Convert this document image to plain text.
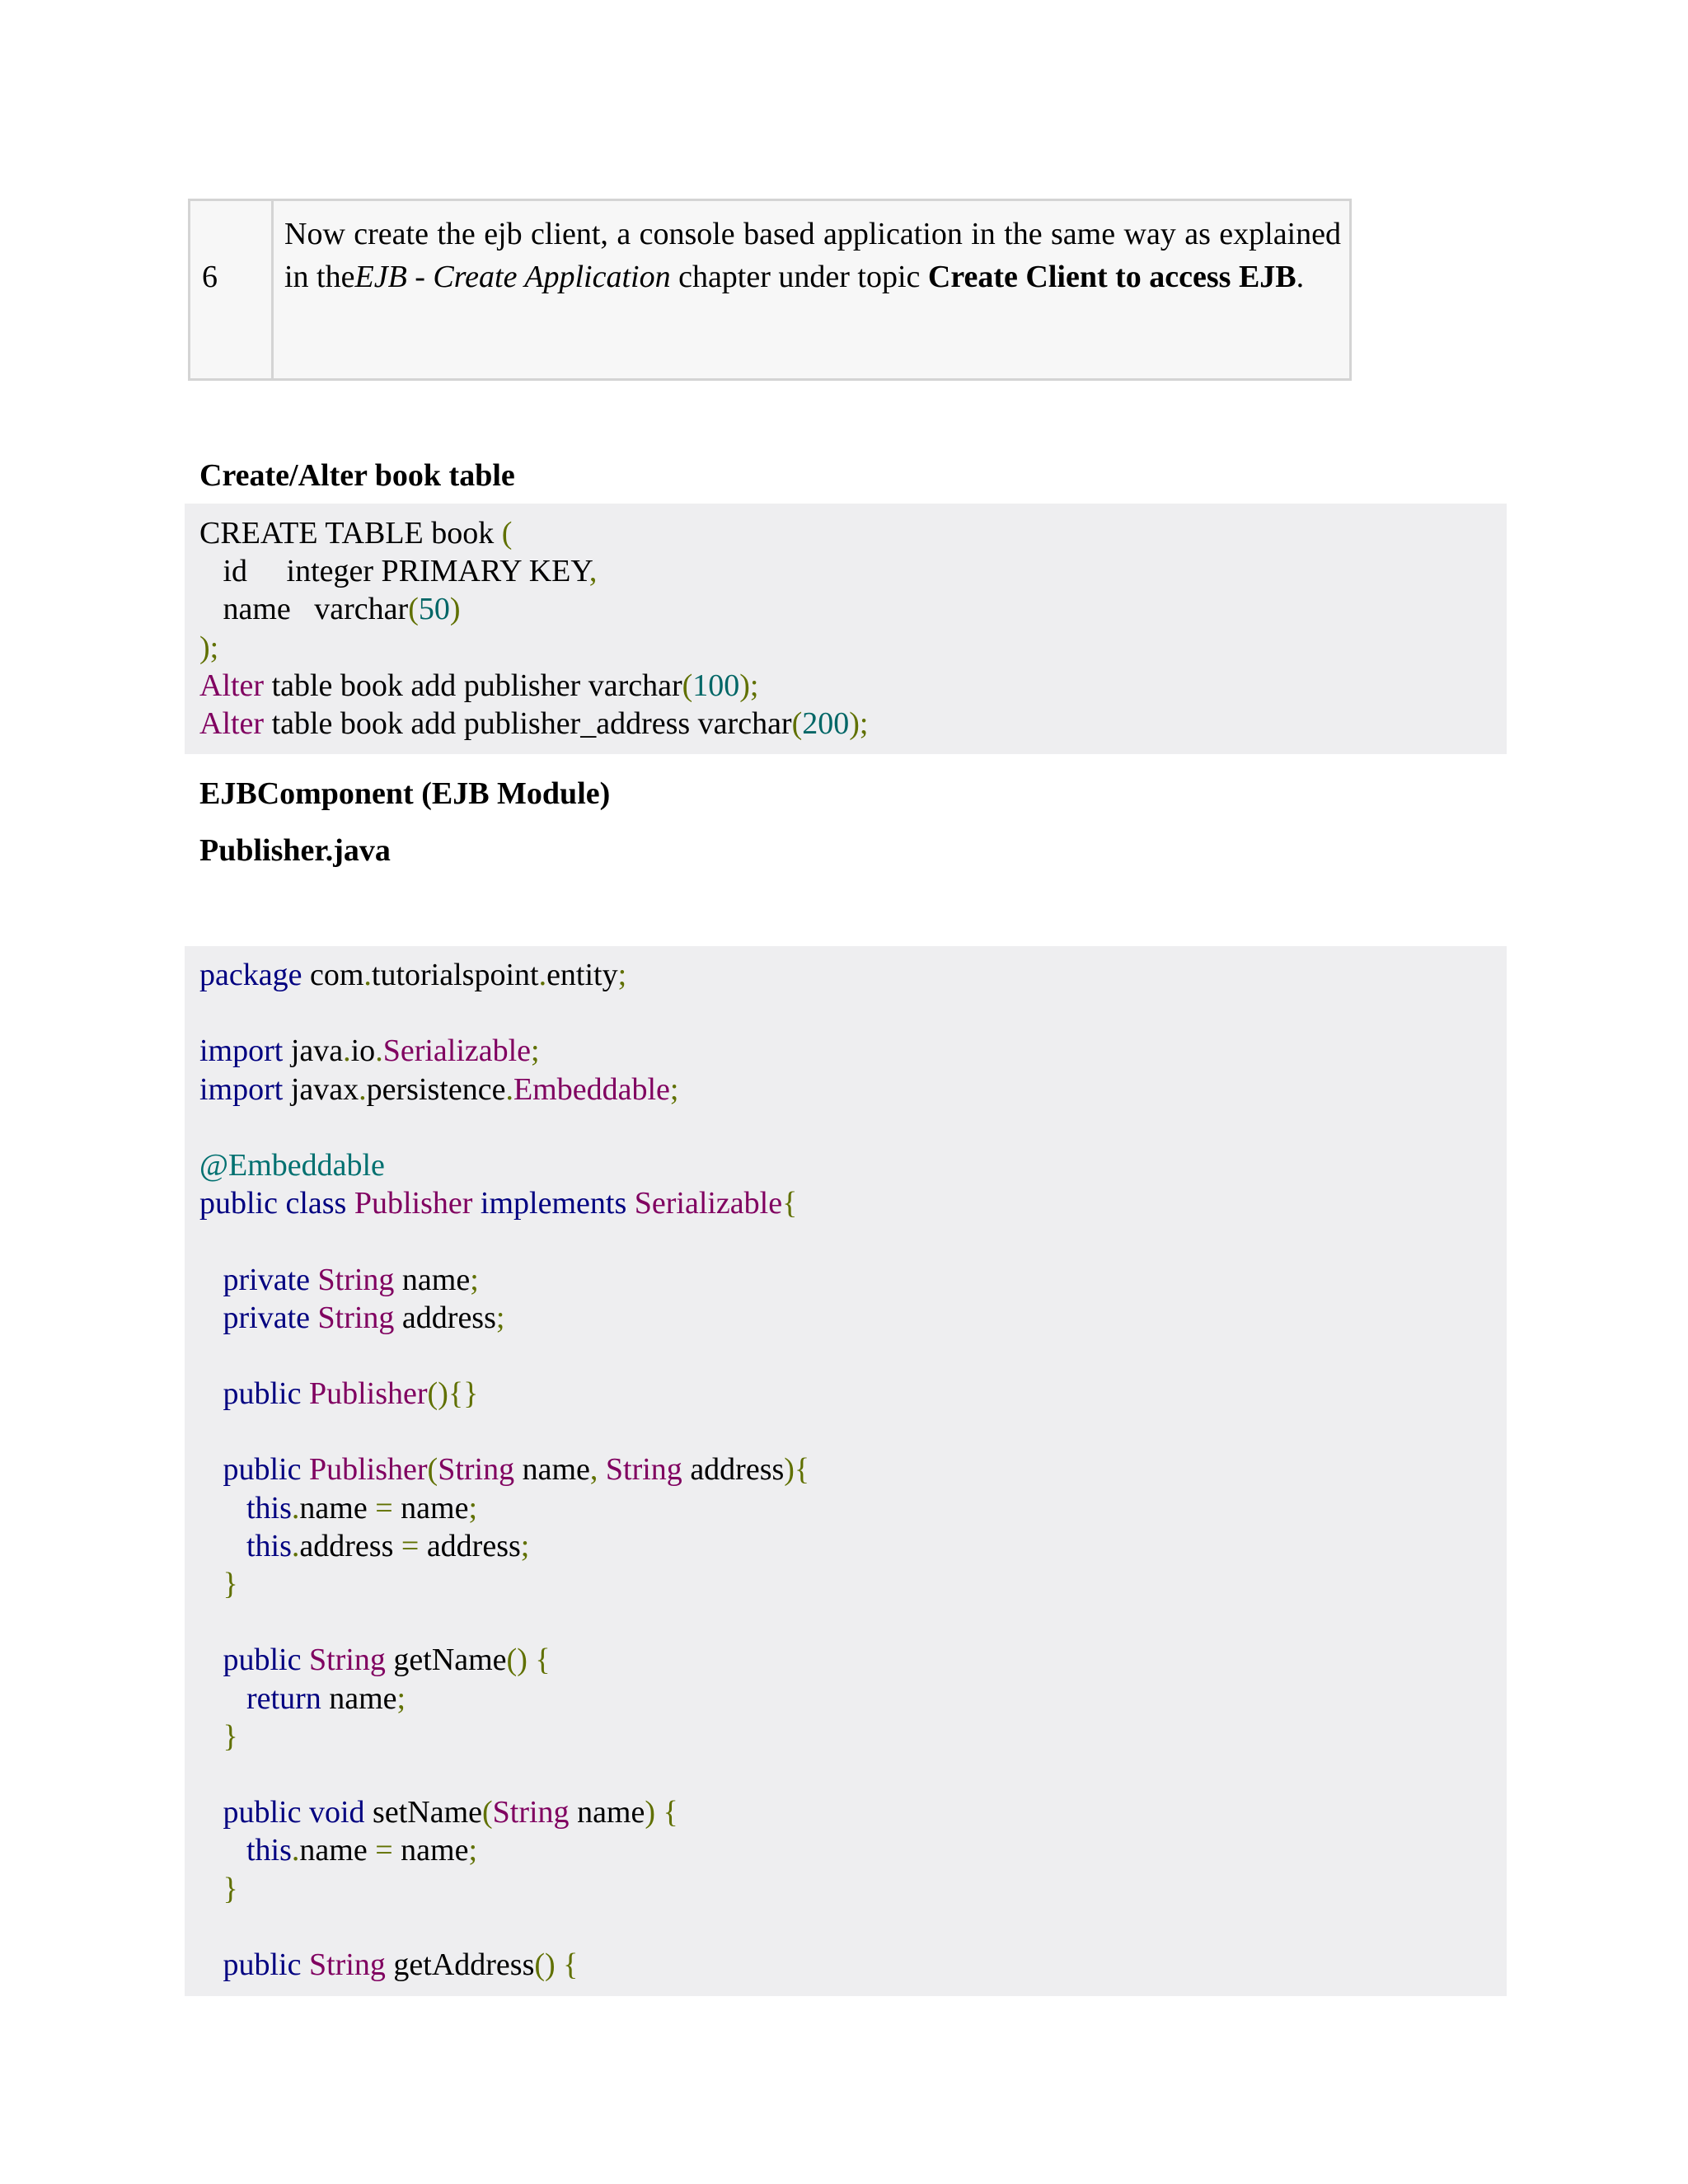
6
Now create the ejb client, a console based application in the same way as explained in theEJB - Create Application chapter under topic Create Client to access EJB.
Create/Alter book table
CREATE TABLE book (
id     integer PRIMARY KEY,
name   varchar(50)
);
Alter table book add publisher varchar(100);
Alter table book add publisher_address varchar(200);
EJBComponent (EJB Module)
Publisher.java
package com.tutorialspoint.entity;

import java.io.Serializable;
import javax.persistence.Embeddable;

@Embeddable
public class Publisher implements Serializable{

private String name;
private String address;

public Publisher(){}

public Publisher(String name, String address){
this.name = name;
this.address = address;
}

public String getName() {
return name;
}

public void setName(String name) {
this.name = name;
}

public String getAddress() {
